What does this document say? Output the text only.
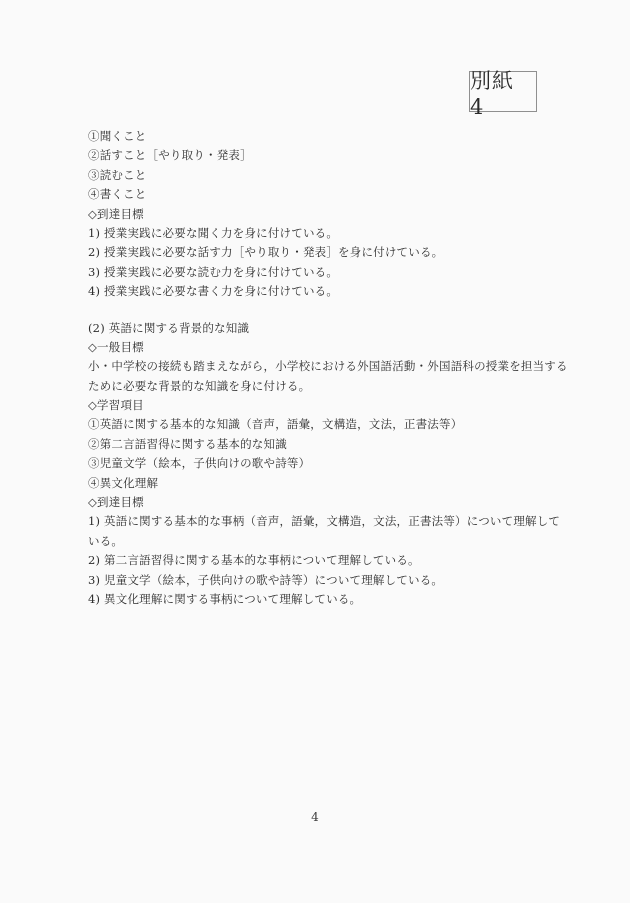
別紙 4
①聞くこと
②話すこと［やり取り・発表］
③読むこと
④書くこと
◇到達目標
1) 授業実践に必要な聞く力を身に付けている。
2) 授業実践に必要な話す力［やり取り・発表］を身に付けている。
3) 授業実践に必要な読む力を身に付けている。
4) 授業実践に必要な書く力を身に付けている。
(2) 英語に関する背景的な知識
◇一般目標
小・中学校の接続も踏まえながら，小学校における外国語活動・外国語科の授業を担当する
ために必要な背景的な知識を身に付ける。
◇学習項目
①英語に関する基本的な知識（音声，語彙，文構造，文法，正書法等）
②第二言語習得に関する基本的な知識
③児童文学（絵本，子供向けの歌や詩等）
④異文化理解
◇到達目標
1) 英語に関する基本的な事柄（音声，語彙，文構造，文法，正書法等）について理解して
いる。
2) 第二言語習得に関する基本的な事柄について理解している。
3) 児童文学（絵本，子供向けの歌や詩等）について理解している。
4) 異文化理解に関する事柄について理解している。
4
